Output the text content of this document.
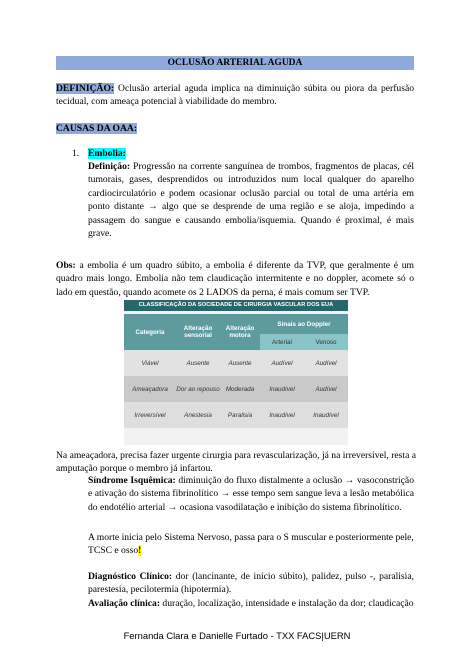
OCLUSÃO ARTERIAL AGUDA
DEFINIÇÃO: Oclusão arterial aguda implica na diminuição súbita ou piora da perfusão tecidual, com ameaça potencial à viabilidade do membro.
CAUSAS DA OAA:
1. Embolia:
Definição: Progressão na corrente sanguínea de trombos, fragmentos de placas, cél tumorais, gases, desprendidos ou introduzidos num local qualquer do aparelho cardiocirculatório e podem ocasionar oclusão parcial ou total de uma artéria em ponto distante → algo que se desprende de uma região e se aloja, impedindo a passagem do sangue e causando embolia/isquemia. Quando é proximal, é mais grave.
Obs: a embolia é um quadro súbito, a embolia é diferente da TVP, que geralmente é um quadro mais longo. Embolia não tem claudicação intermitente e no doppler, acomete só o lado em questão, quando acomete os 2 LADOS da perna, é mais comum ser TVP.
CLASSIFICAÇÃO DA SOCIEDADE DE CIRURGIA VASCULAR DOS EUA
Categoria	Alteração sensorial	Alteração motora	Sinais ao Doppler	
			Arterial	Venoso
Viável	Ausente	Ausente	Audível	Audível
Ameaçadora	Dor ao repouso	Moderada	Inaudível	Audível
Irreversível	Anestesia	Paralisia	Inaudível	Inaudível
Na ameaçadora, precisa fazer urgente cirurgia para revascularização, já na irreversível, resta a amputação porque o membro já infartou.
Síndrome Isquêmica: diminuição do fluxo distalmente a oclusão → vasoconstrição e ativação do sistema fibrinolítico → esse tempo sem sangue leva a lesão metabólica do endotélio arterial → ocasiona vasodilatação e inibição do sistema fibrinolítico.
A morte inicia pelo Sistema Nervoso, passa para o S muscular e posteriormente pele, TCSC e osso!
Diagnóstico Clínico: dor (lancinante, de início súbito), palidez, pulso -, paralisia, parestesia, pecilotermia (hipotermia).
Avaliação clínica: duração, localização, intensidade e instalação da dor; claudicação
Fernanda Clara e Danielle Furtado - TXX FACS|UERN
